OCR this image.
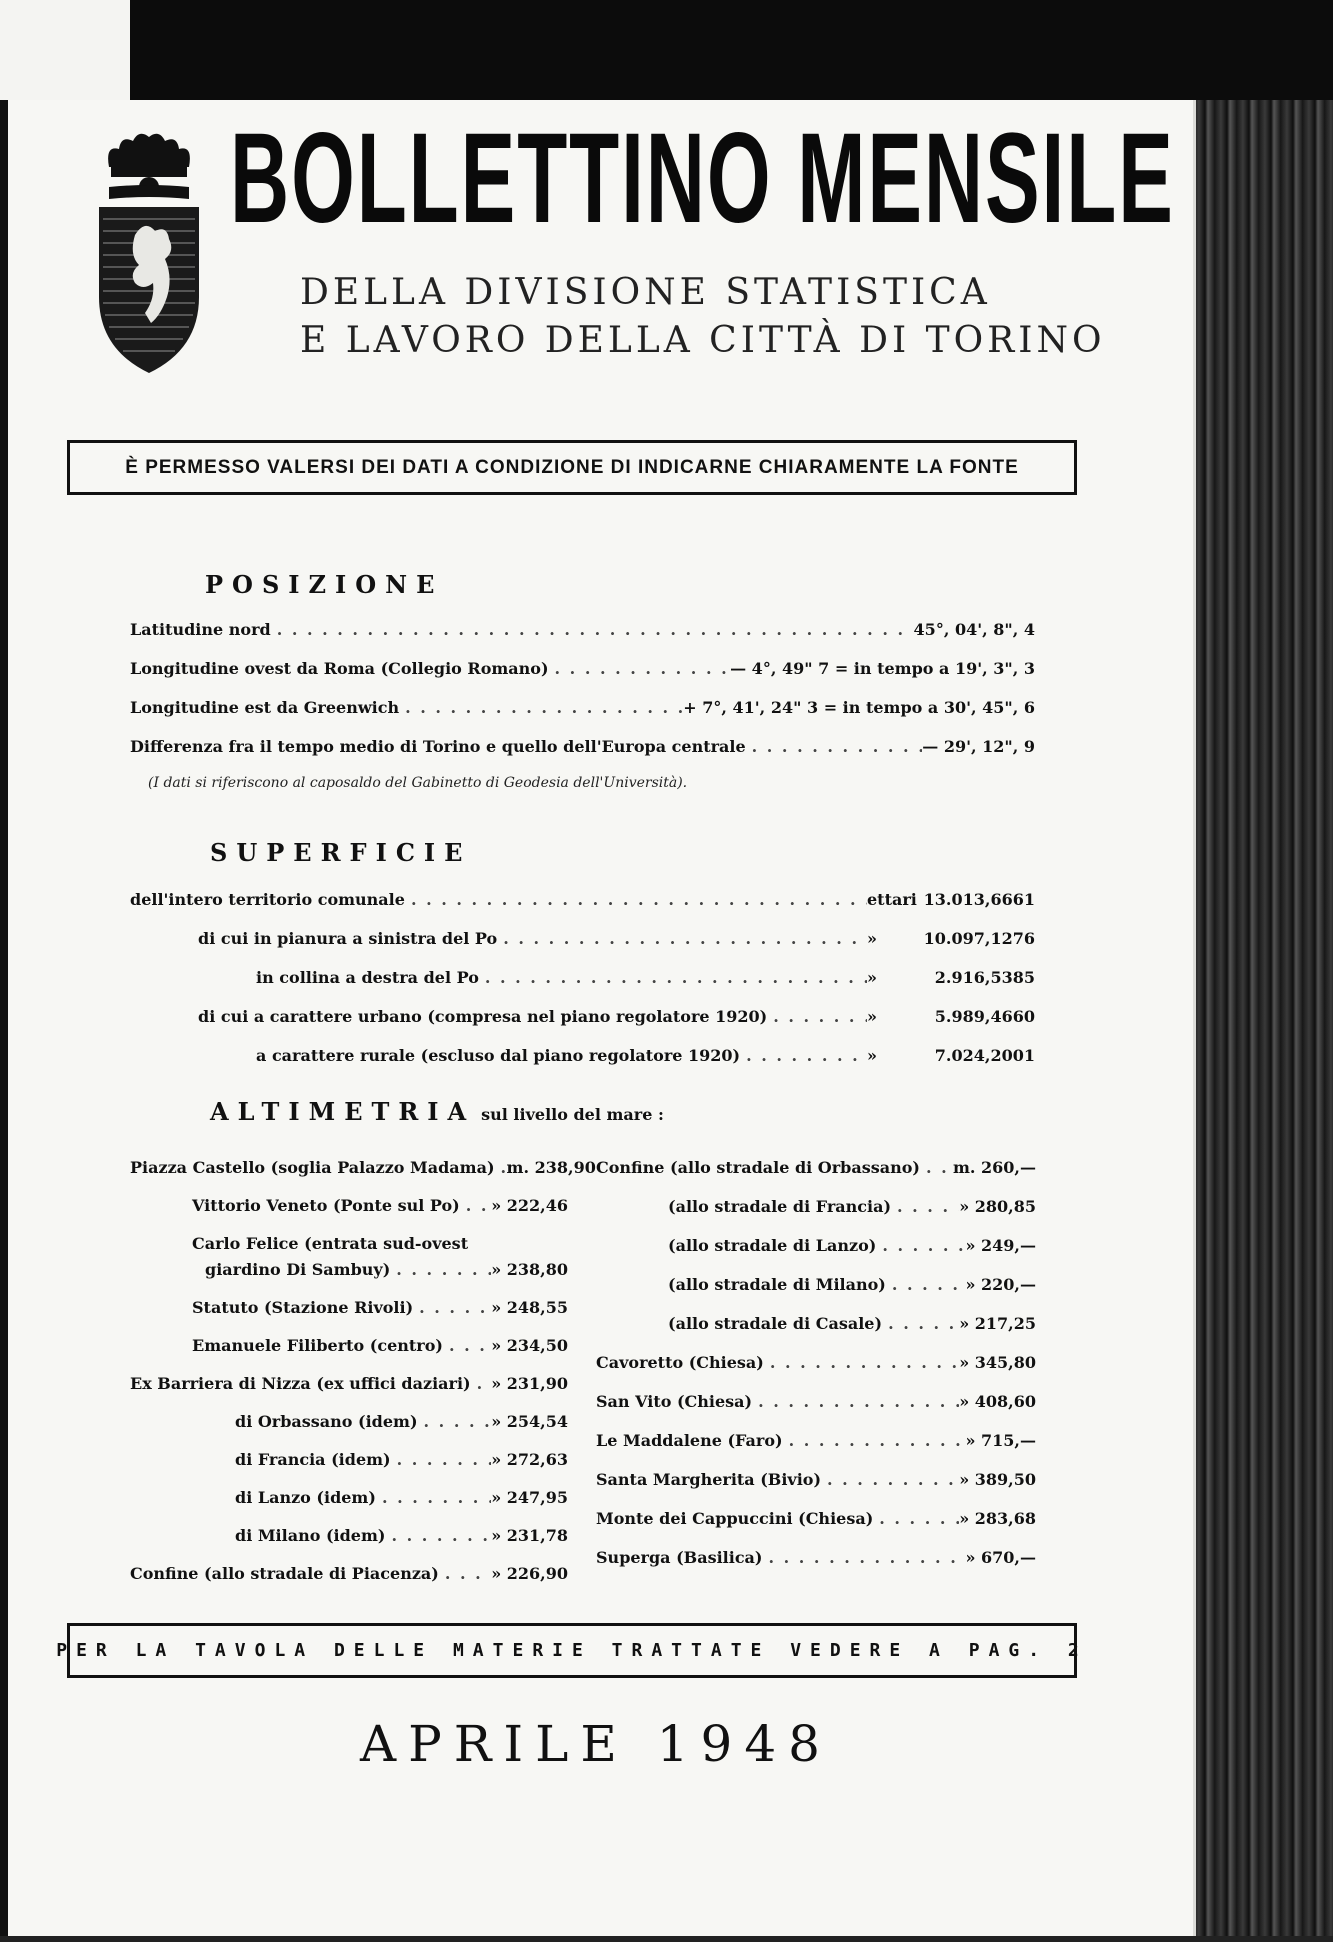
BOLLETTINO MENSILE
DELLA DIVISIONE STATISTICA
E LAVORO DELLA CITTÀ DI TORINO
È PERMESSO VALERSI DEI DATI A CONDIZIONE DI INDICARNE CHIARAMENTE LA FONTE
POSIZIONE
Latitudine nord . . .	45°, 04', 8", 4
Longitudine ovest da Roma (Collegio Romano) . . .	— 4°, 49" 7 = in tempo a 19', 3", 3
Longitudine est da Greenwich . . .	+ 7°, 41', 24" 3 = in tempo a 30', 45", 6
Differenza fra il tempo medio di Torino e quello dell'Europa centrale . . .	— 29', 12", 9
(I dati si riferiscono al caposaldo del Gabinetto di Geodesia dell'Università).
SUPERFICIE
dell'intero territorio comunale . . .	ettari 13.013,6661
di cui in pianura a sinistra del Po . . .	»	10.097,1276
in collina a destra del Po . . .	»	2.916,5385
di cui a carattere urbano (compresa nel piano regolatore 1920) . . .	»	5.989,4660
a carattere rurale (escluso dal piano regolatore 1920) . . .	»	7.024,2001
ALTIMETRIA sul livello del mare :
Piazza Castello (soglia Palazzo Madama) . . . m. 238,90
Vittorio Veneto (Ponte sul Po) . . . » 222,46
Carlo Felice (entrata sud-ovest
giardino Di Sambuy) . . .	» 238,80
Statuto (Stazione Rivoli) . . .	» 248,55
Emanuele Filiberto (centro) . . .	» 234,50
Ex Barriera di Nizza (ex uffici daziari) . . . » 231,90
di Orbassano (idem) . . .	» 254,54
di Francia (idem) . . .	» 272,63
di Lanzo (idem) . . .	» 247,95
di Milano (idem) . . .	» 231,78
Confine (allo stradale di Piacenza) . . .	» 226,90
Confine (allo stradale di Orbassano) . . . m. 260,—
(allo stradale di Francia) . . .	» 280,85
(allo stradale di Lanzo) . . .	» 249,—
(allo stradale di Milano) . . .	» 220,—
(allo stradale di Casale) . . .	» 217,25
Cavoretto (Chiesa) . . .	» 345,80
San Vito (Chiesa) . . .	» 408,60
Le Maddalene (Faro) . . .	» 715,—
Santa Margherita (Bivio) . . .	» 389,50
Monte dei Cappuccini (Chiesa) . . .	» 283,68
Superga (Basilica) . . .	» 670,—
PER LA TAVOLA DELLE MATERIE TRATTATE VEDERE A PAG. 2
APRILE 1948
